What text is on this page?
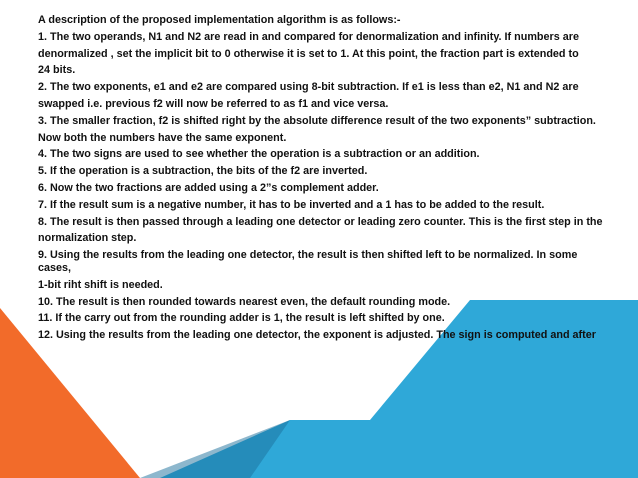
A description of the proposed implementation algorithm is as follows:-

1. The two operands, N1 and N2 are read in and compared for denormalization and infinity. If numbers are

denormalized , set the implicit bit to 0 otherwise it is set to 1. At this point, the fraction part is extended to

24 bits.

2. The two exponents, e1 and e2 are compared using 8-bit subtraction. If e1 is less than e2, N1 and N2 are

swapped i.e. previous f2 will now be referred to as f1 and vice versa.

3. The smaller fraction, f2 is shifted right by the absolute difference result of the two exponents” subtraction.

Now both the numbers have the same exponent.

4. The two signs are used to see whether the operation is a subtraction or an addition.

5. If the operation is a subtraction, the bits of the f2 are inverted.

6. Now the two fractions are added using a 2”s complement adder.

7. If the result sum is a negative number, it has to be inverted and a 1 has to be added to the result.

8. The result is then passed through a leading one detector or leading zero counter. This is the first step in the

normalization step.

9. Using the results from the leading one detector, the result is then shifted left to be normalized. In some cases,

1-bit riht shift is needed.

10. The result is then rounded towards nearest even, the default rounding mode.

11. If the carry out from the rounding adder is 1, the result is left shifted by one.

12. Using the results from the leading one detector, the exponent is adjusted. The sign is computed and after
